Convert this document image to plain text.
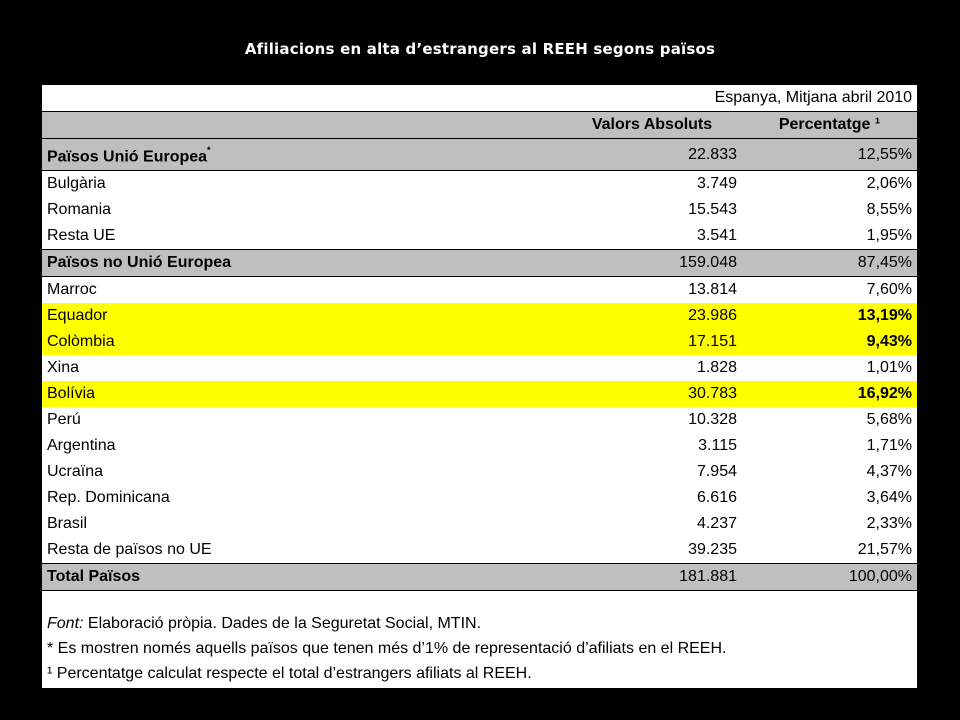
Afiliacions en alta d’estrangers al REEH segons països
Espanya, Mitjana abril 2010		
	Valors Absoluts	Percentatge ¹
Països Unió Europea*	22.833	12,55%
Bulgària	3.749	2,06%
Romania	15.543	8,55%
Resta UE	3.541	1,95%
Països no Unió Europea	159.048	87,45%
Marroc	13.814	7,60%
Equador	23.986	13,19%
Colòmbia	17.151	9,43%
Xina	1.828	1,01%
Bolívia	30.783	16,92%
Perú	10.328	5,68%
Argentina	3.115	1,71%
Ucraïna	7.954	4,37%
Rep. Dominicana	6.616	3,64%
Brasil	4.237	2,33%
Resta de països no UE	39.235	21,57%
Total Països	181.881	100,00%
Font: Elaboració pròpia. Dades de la Seguretat Social, MTIN.
* Es mostren només aquells països que tenen més d’1% de representació d’afiliats en el REEH.
¹ Percentatge calculat respecte el total d’estrangers afiliats al REEH.
